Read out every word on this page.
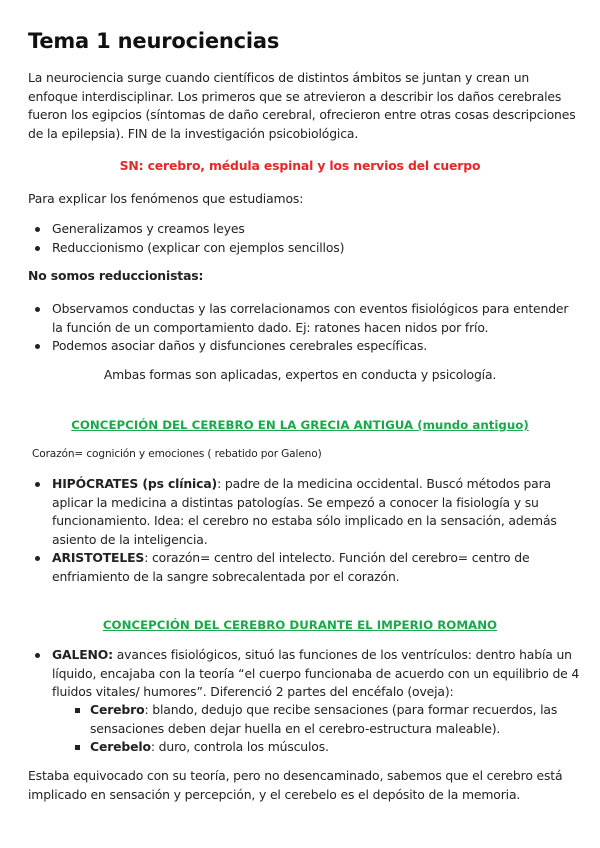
Tema 1 neurociencias

La neurociencia surge cuando científicos de distintos ámbitos se juntan y crean un enfoque interdisciplinar. Los primeros que se atrevieron a describir los daños cerebrales fueron los egipcios (síntomas de daño cerebral, ofrecieron entre otras cosas descripciones de la epilepsia). FIN de la investigación psicobiológica.

SN: cerebro, médula espinal y los nervios del cuerpo

Para explicar los fenómenos que estudiamos:

Generalizamos y creamos leyes
Reduccionismo (explicar con ejemplos sencillos)

No somos reduccionistas:

Observamos conductas y las correlacionamos con eventos fisiológicos para entender la función de un comportamiento dado. Ej: ratones hacen nidos por frío.
Podemos asociar daños y disfunciones cerebrales específicas.

Ambas formas son aplicadas, expertos en conducta y psicología.

CONCEPCIÓN DEL CEREBRO EN LA GRECIA ANTIGUA (mundo antiguo)

Corazón= cognición y emociones ( rebatido por Galeno)

HIPÓCRATES (ps clínica): padre de la medicina occidental. Buscó métodos para aplicar la medicina a distintas patologías. Se empezó a conocer la fisiología y su funcionamiento. Idea: el cerebro no estaba sólo implicado en la sensación, además asiento de la inteligencia.
ARISTOTELES: corazón= centro del intelecto. Función del cerebro= centro de enfriamiento de la sangre sobrecalentada por el corazón.

CONCEPCIÓN DEL CEREBRO DURANTE EL IMPERIO ROMANO

GALENO: avances fisiológicos, situó las funciones de los ventrículos: dentro había un líquido, encajaba con la teoría “el cuerpo funcionaba de acuerdo con un equilibrio de 4 fluidos vitales/ humores”. Diferenció 2 partes del encéfalo (oveja):
Cerebro: blando, dedujo que recibe sensaciones (para formar recuerdos, las sensaciones deben dejar huella en el cerebro-estructura maleable).
Cerebelo: duro, controla los músculos.

Estaba equivocado con su teoría, pero no desencaminado, sabemos que el cerebro está implicado en sensación y percepción, y el cerebelo es el depósito de la memoria.
